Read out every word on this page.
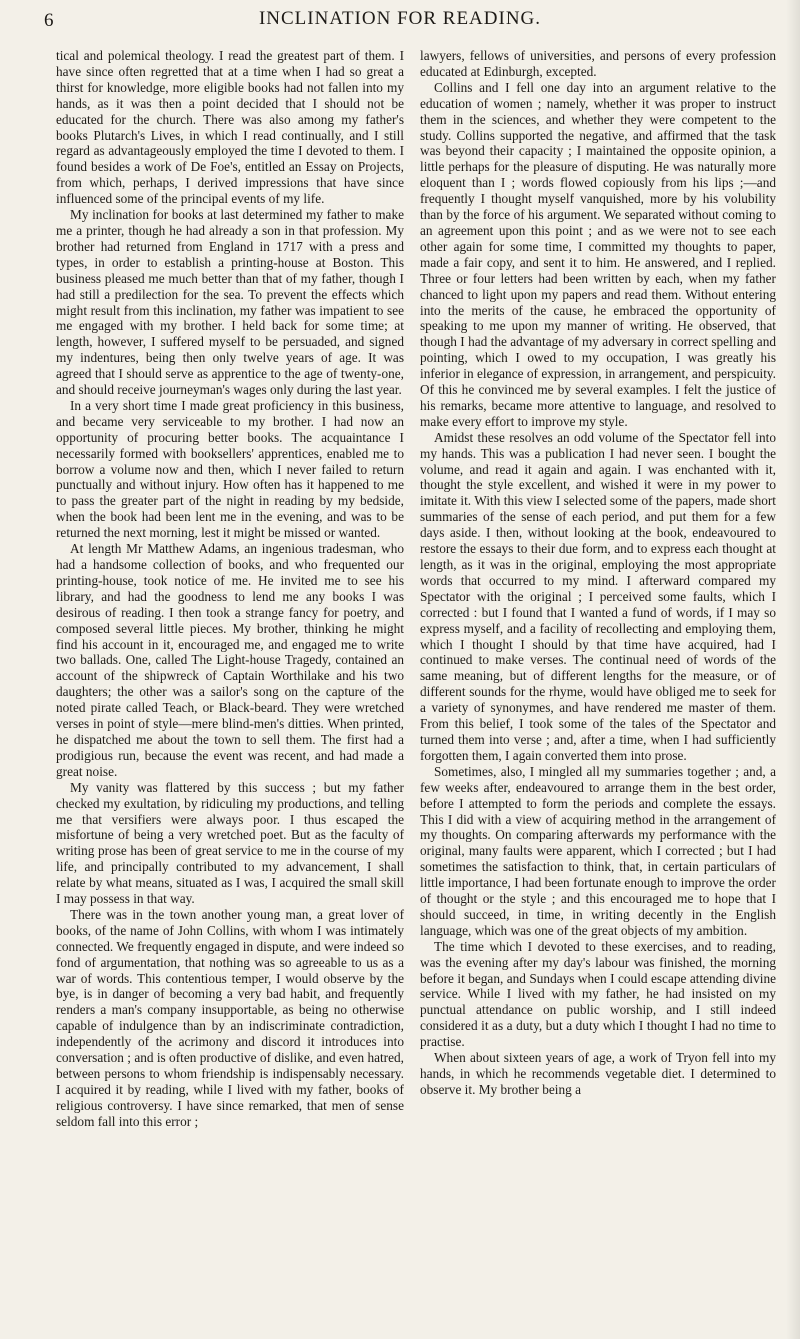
6	INCLINATION FOR READING.

tical and polemical theology. I read the greatest part of them. I have since often regretted that at a time when I had so great a thirst for knowledge, more eligible books had not fallen into my hands, as it was then a point decided that I should not be educated for the church. There was also among my father's books Plutarch's Lives, in which I read continually, and I still regard as advantageously employed the time I devoted to them. I found besides a work of De Foe's, entitled an Essay on Projects, from which, perhaps, I derived impressions that have since influenced some of the principal events of my life.

My inclination for books at last determined my father to make me a printer, though he had already a son in that profession. My brother had returned from England in 1717 with a press and types, in order to establish a printing-house at Boston. This business pleased me much better than that of my father, though I had still a predilection for the sea. To prevent the effects which might result from this inclination, my father was impatient to see me engaged with my brother. I held back for some time; at length, however, I suffered myself to be persuaded, and signed my indentures, being then only twelve years of age. It was agreed that I should serve as apprentice to the age of twenty-one, and should receive journeyman's wages only during the last year.

In a very short time I made great proficiency in this business, and became very serviceable to my brother. I had now an opportunity of procuring better books. The acquaintance I necessarily formed with booksellers' apprentices, enabled me to borrow a volume now and then, which I never failed to return punctually and without injury. How often has it happened to me to pass the greater part of the night in reading by my bedside, when the book had been lent me in the evening, and was to be returned the next morning, lest it might be missed or wanted.

At length Mr Matthew Adams, an ingenious tradesman, who had a handsome collection of books, and who frequented our printing-house, took notice of me. He invited me to see his library, and had the goodness to lend me any books I was desirous of reading. I then took a strange fancy for poetry, and composed several little pieces. My brother, thinking he might find his account in it, encouraged me, and engaged me to write two ballads. One, called The Light-house Tragedy, contained an account of the shipwreck of Captain Worthilake and his two daughters; the other was a sailor's song on the capture of the noted pirate called Teach, or Black-beard. They were wretched verses in point of style—mere blind-men's ditties. When printed, he dispatched me about the town to sell them. The first had a prodigious run, because the event was recent, and had made a great noise.

My vanity was flattered by this success ; but my father checked my exultation, by ridiculing my productions, and telling me that versifiers were always poor. I thus escaped the misfortune of being a very wretched poet. But as the faculty of writing prose has been of great service to me in the course of my life, and principally contributed to my advancement, I shall relate by what means, situated as I was, I acquired the small skill I may possess in that way.

There was in the town another young man, a great lover of books, of the name of John Collins, with whom I was intimately connected. We frequently engaged in dispute, and were indeed so fond of argumentation, that nothing was so agreeable to us as a war of words. This contentious temper, I would observe by the bye, is in danger of becoming a very bad habit, and frequently renders a man's company insupportable, as being no otherwise capable of indulgence than by an indiscriminate contradiction, independently of the acrimony and discord it introduces into conversation ; and is often productive of dislike, and even hatred, between persons to whom friendship is indispensably necessary. I acquired it by reading, while I lived with my father, books of religious controversy. I have since remarked, that men of sense seldom fall into this error ;

lawyers, fellows of universities, and persons of every profession educated at Edinburgh, excepted.

Collins and I fell one day into an argument relative to the education of women ; namely, whether it was proper to instruct them in the sciences, and whether they were competent to the study. Collins supported the negative, and affirmed that the task was beyond their capacity ; I maintained the opposite opinion, a little perhaps for the pleasure of disputing. He was naturally more eloquent than I ; words flowed copiously from his lips ;—and frequently I thought myself vanquished, more by his volubility than by the force of his argument. We separated without coming to an agreement upon this point ; and as we were not to see each other again for some time, I committed my thoughts to paper, made a fair copy, and sent it to him. He answered, and I replied. Three or four letters had been written by each, when my father chanced to light upon my papers and read them. Without entering into the merits of the cause, he embraced the opportunity of speaking to me upon my manner of writing. He observed, that though I had the advantage of my adversary in correct spelling and pointing, which I owed to my occupation, I was greatly his inferior in elegance of expression, in arrangement, and perspicuity. Of this he convinced me by several examples. I felt the justice of his remarks, became more attentive to language, and resolved to make every effort to improve my style.

Amidst these resolves an odd volume of the Spectator fell into my hands. This was a publication I had never seen. I bought the volume, and read it again and again. I was enchanted with it, thought the style excellent, and wished it were in my power to imitate it. With this view I selected some of the papers, made short summaries of the sense of each period, and put them for a few days aside. I then, without looking at the book, endeavoured to restore the essays to their due form, and to express each thought at length, as it was in the original, employing the most appropriate words that occurred to my mind. I afterward compared my Spectator with the original ; I perceived some faults, which I corrected : but I found that I wanted a fund of words, if I may so express myself, and a facility of recollecting and employing them, which I thought I should by that time have acquired, had I continued to make verses. The continual need of words of the same meaning, but of different lengths for the measure, or of different sounds for the rhyme, would have obliged me to seek for a variety of synonymes, and have rendered me master of them. From this belief, I took some of the tales of the Spectator and turned them into verse ; and, after a time, when I had sufficiently forgotten them, I again converted them into prose.

Sometimes, also, I mingled all my summaries together ; and, a few weeks after, endeavoured to arrange them in the best order, before I attempted to form the periods and complete the essays. This I did with a view of acquiring method in the arrangement of my thoughts. On comparing afterwards my performance with the original, many faults were apparent, which I corrected ; but I had sometimes the satisfaction to think, that, in certain particulars of little importance, I had been fortunate enough to improve the order of thought or the style ; and this encouraged me to hope that I should succeed, in time, in writing decently in the English language, which was one of the great objects of my ambition.

The time which I devoted to these exercises, and to reading, was the evening after my day's labour was finished, the morning before it began, and Sundays when I could escape attending divine service. While I lived with my father, he had insisted on my punctual attendance on public worship, and I still indeed considered it as a duty, but a duty which I thought I had no time to practise.

When about sixteen years of age, a work of Tryon fell into my hands, in which he recommends vegetable diet. I determined to observe it. My brother being a
